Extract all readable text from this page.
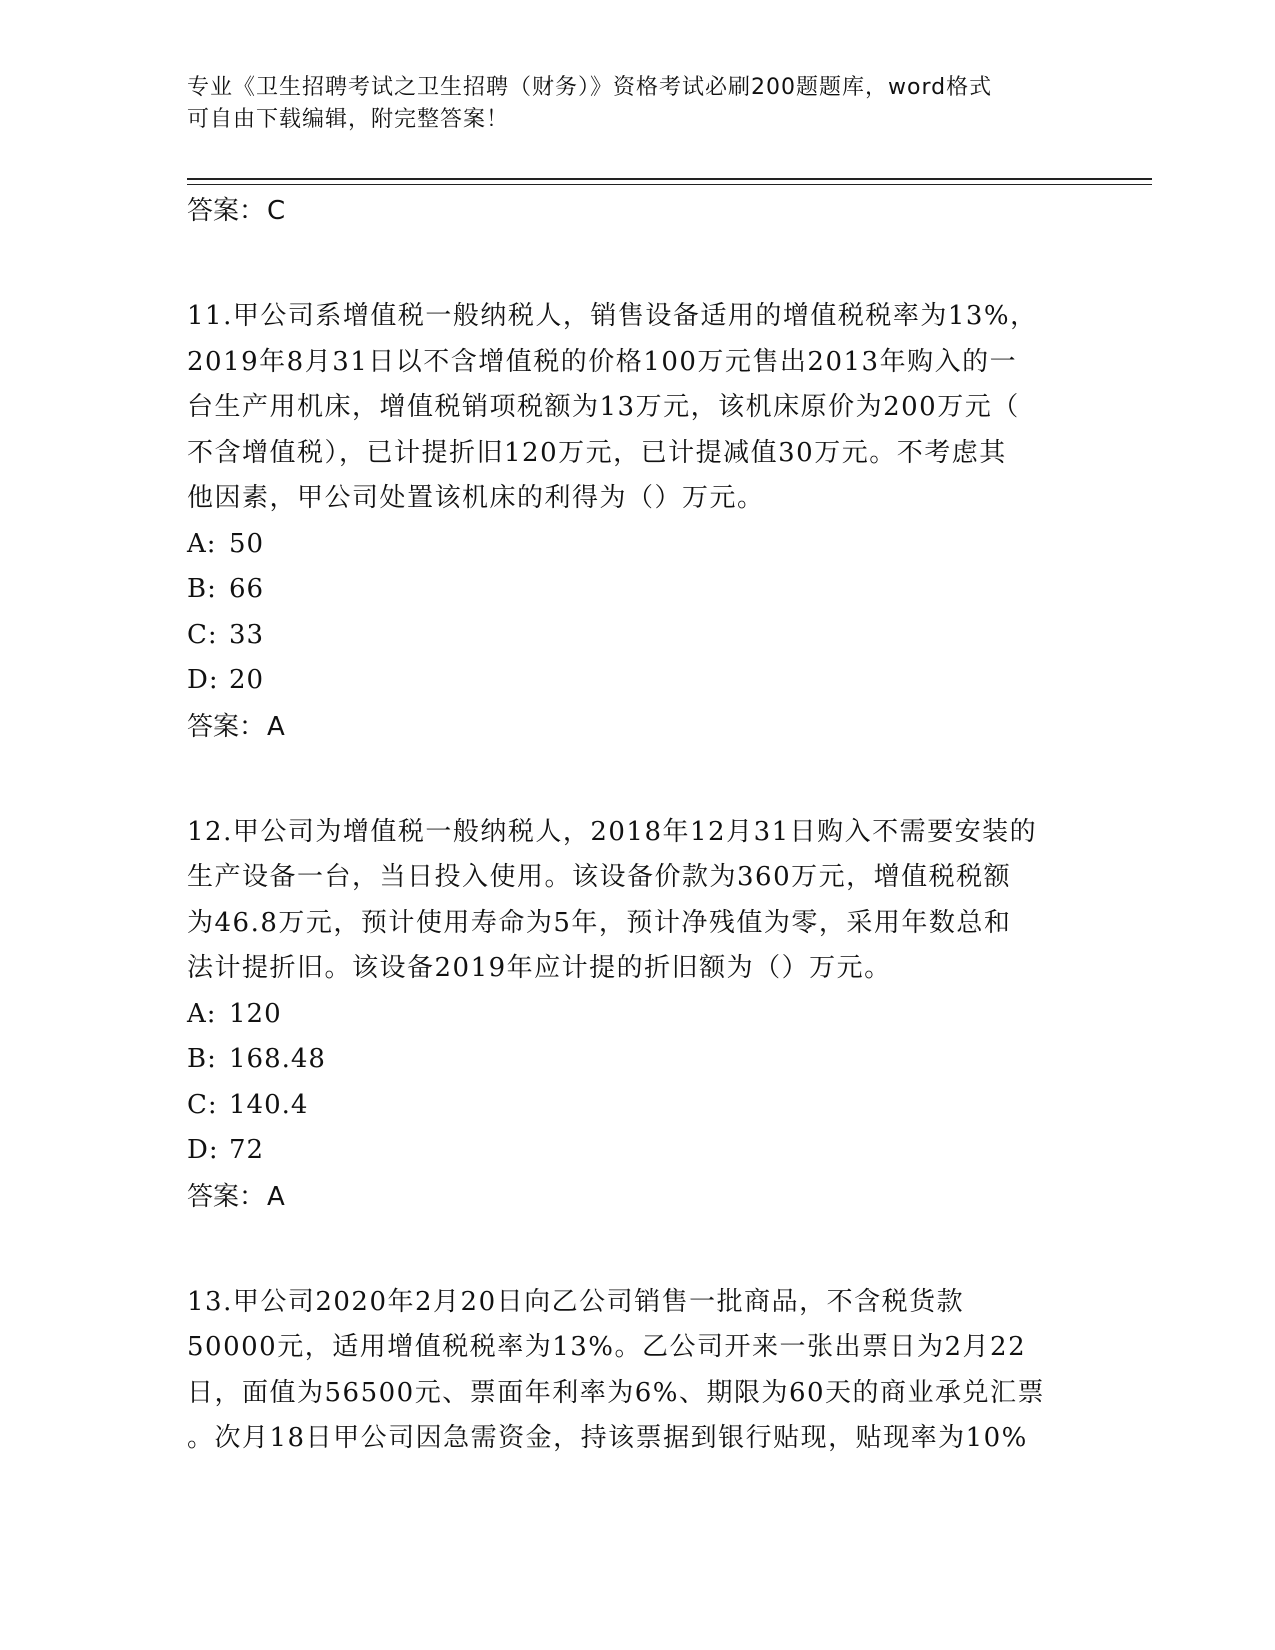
专业《卫生招聘考试之卫生招聘（财务）》资格考试必刷200题题库，word格式
可自由下载编辑，附完整答案！
答案：C
11.甲公司系增值税一般纳税人，销售设备适用的增值税税率为13%，
2019年8月31日以不含增值税的价格100万元售出2013年购入的一
台生产用机床，增值税销项税额为13万元，该机床原价为200万元（
不含增值税），已计提折旧120万元，已计提减值30万元。不考虑其
他因素，甲公司处置该机床的利得为（）万元。
A: 50
B: 66
C: 33
D: 20
答案：A
12.甲公司为增值税一般纳税人，2018年12月31日购入不需要安装的
生产设备一台，当日投入使用。该设备价款为360万元，增值税税额
为46.8万元，预计使用寿命为5年，预计净残值为零，采用年数总和
法计提折旧。该设备2019年应计提的折旧额为（）万元。
A: 120
B: 168.48
C: 140.4
D: 72
答案：A
13.甲公司2020年2月20日向乙公司销售一批商品，不含税货款
50000元，适用增值税税率为13%。乙公司开来一张出票日为2月22
日，面值为56500元、票面年利率为6%、期限为60天的商业承兑汇票
。次月18日甲公司因急需资金，持该票据到银行贴现，贴现率为10%
